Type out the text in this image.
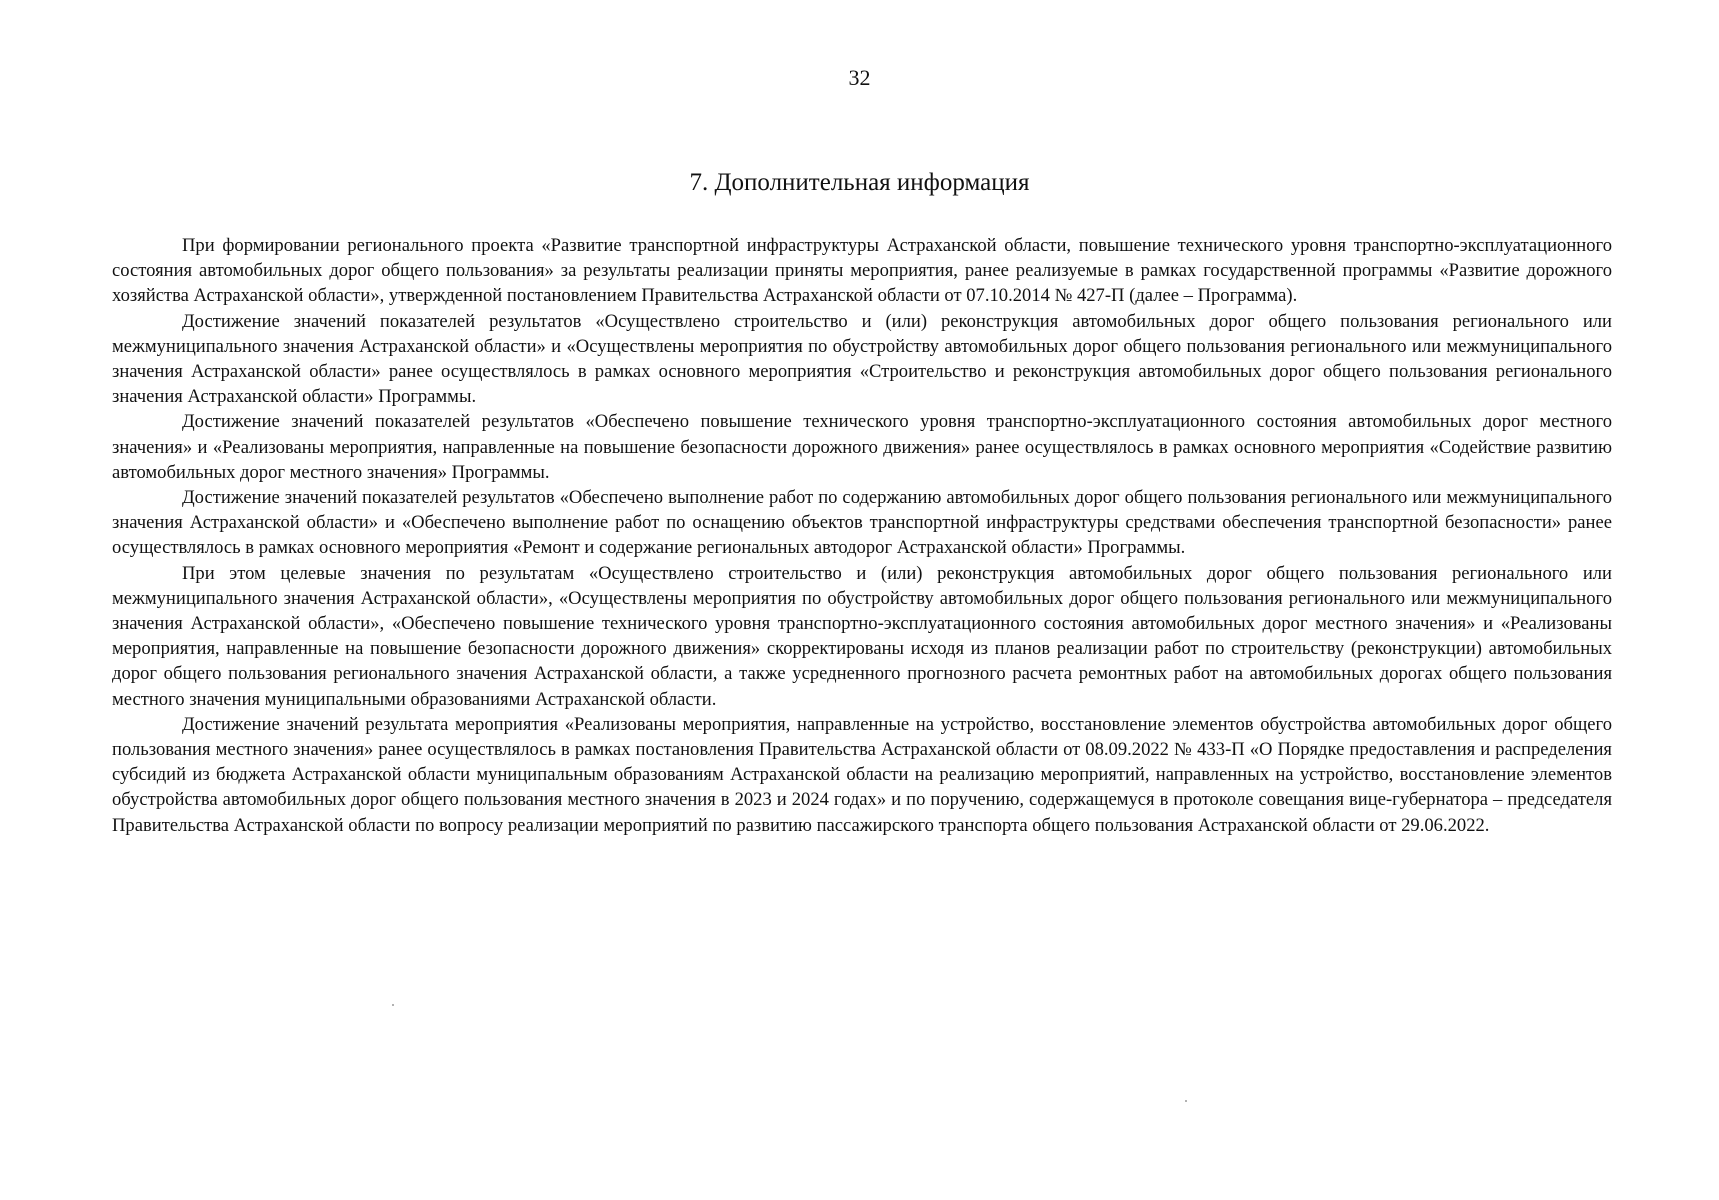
32
7. Дополнительная информация

При формировании регионального проекта «Развитие транспортной инфраструктуры Астраханской области, повышение технического уровня транспортно-эксплуатационного состояния автомобильных дорог общего пользования» за результаты реализации приняты мероприятия, ранее реализуемые в рамках государственной программы «Развитие дорожного хозяйства Астраханской области», утвержденной постановлением Правительства Астраханской области от 07.10.2014 № 427-П (далее – Программа).

Достижение значений показателей результатов «Осуществлено строительство и (или) реконструкция автомобильных дорог общего пользования регионального или межмуниципального значения Астраханской области» и «Осуществлены мероприятия по обустройству автомобильных дорог общего пользования регионального или межмуниципального значения Астраханской области» ранее осуществлялось в рамках основного мероприятия «Строительство и реконструкция автомобильных дорог общего пользования регионального значения Астраханской области» Программы.

Достижение значений показателей результатов «Обеспечено повышение технического уровня транспортно-эксплуатационного состояния автомобильных дорог местного значения» и «Реализованы мероприятия, направленные на повышение безопасности дорожного движения» ранее осуществлялось в рамках основного мероприятия «Содействие развитию автомобильных дорог местного значения» Программы.

Достижение значений показателей результатов «Обеспечено выполнение работ по содержанию автомобильных дорог общего пользования регионального или межмуниципального значения Астраханской области» и «Обеспечено выполнение работ по оснащению объектов транспортной инфраструктуры средствами обеспечения транспортной безопасности» ранее осуществлялось в рамках основного мероприятия «Ремонт и содержание региональных автодорог Астраханской области» Программы.

При этом целевые значения по результатам «Осуществлено строительство и (или) реконструкция автомобильных дорог общего пользования регионального или межмуниципального значения Астраханской области», «Осуществлены мероприятия по обустройству автомобильных дорог общего пользования регионального или межмуниципального значения Астраханской области», «Обеспечено повышение технического уровня транспортно-эксплуатационного состояния автомобильных дорог местного значения» и «Реализованы мероприятия, направленные на повышение безопасности дорожного движения» скорректированы исходя из планов реализации работ по строительству (реконструкции) автомобильных дорог общего пользования регионального значения Астраханской области, а также усредненного прогнозного расчета ремонтных работ на автомобильных дорогах общего пользования местного значения муниципальными образованиями Астраханской области.

Достижение значений результата мероприятия «Реализованы мероприятия, направленные на устройство, восстановление элементов обустройства автомобильных дорог общего пользования местного значения» ранее осуществлялось в рамках постановления Правительства Астраханской области от 08.09.2022 № 433-П «О Порядке предоставления и распределения субсидий из бюджета Астраханской области муниципальным образованиям Астраханской области на реализацию мероприятий, направленных на устройство, восстановление элементов обустройства автомобильных дорог общего пользования местного значения в 2023 и 2024 годах» и по поручению, содержащемуся в протоколе совещания вице-губернатора – председателя Правительства Астраханской области по вопросу реализации мероприятий по развитию пассажирского транспорта общего пользования Астраханской области от 29.06.2022.
